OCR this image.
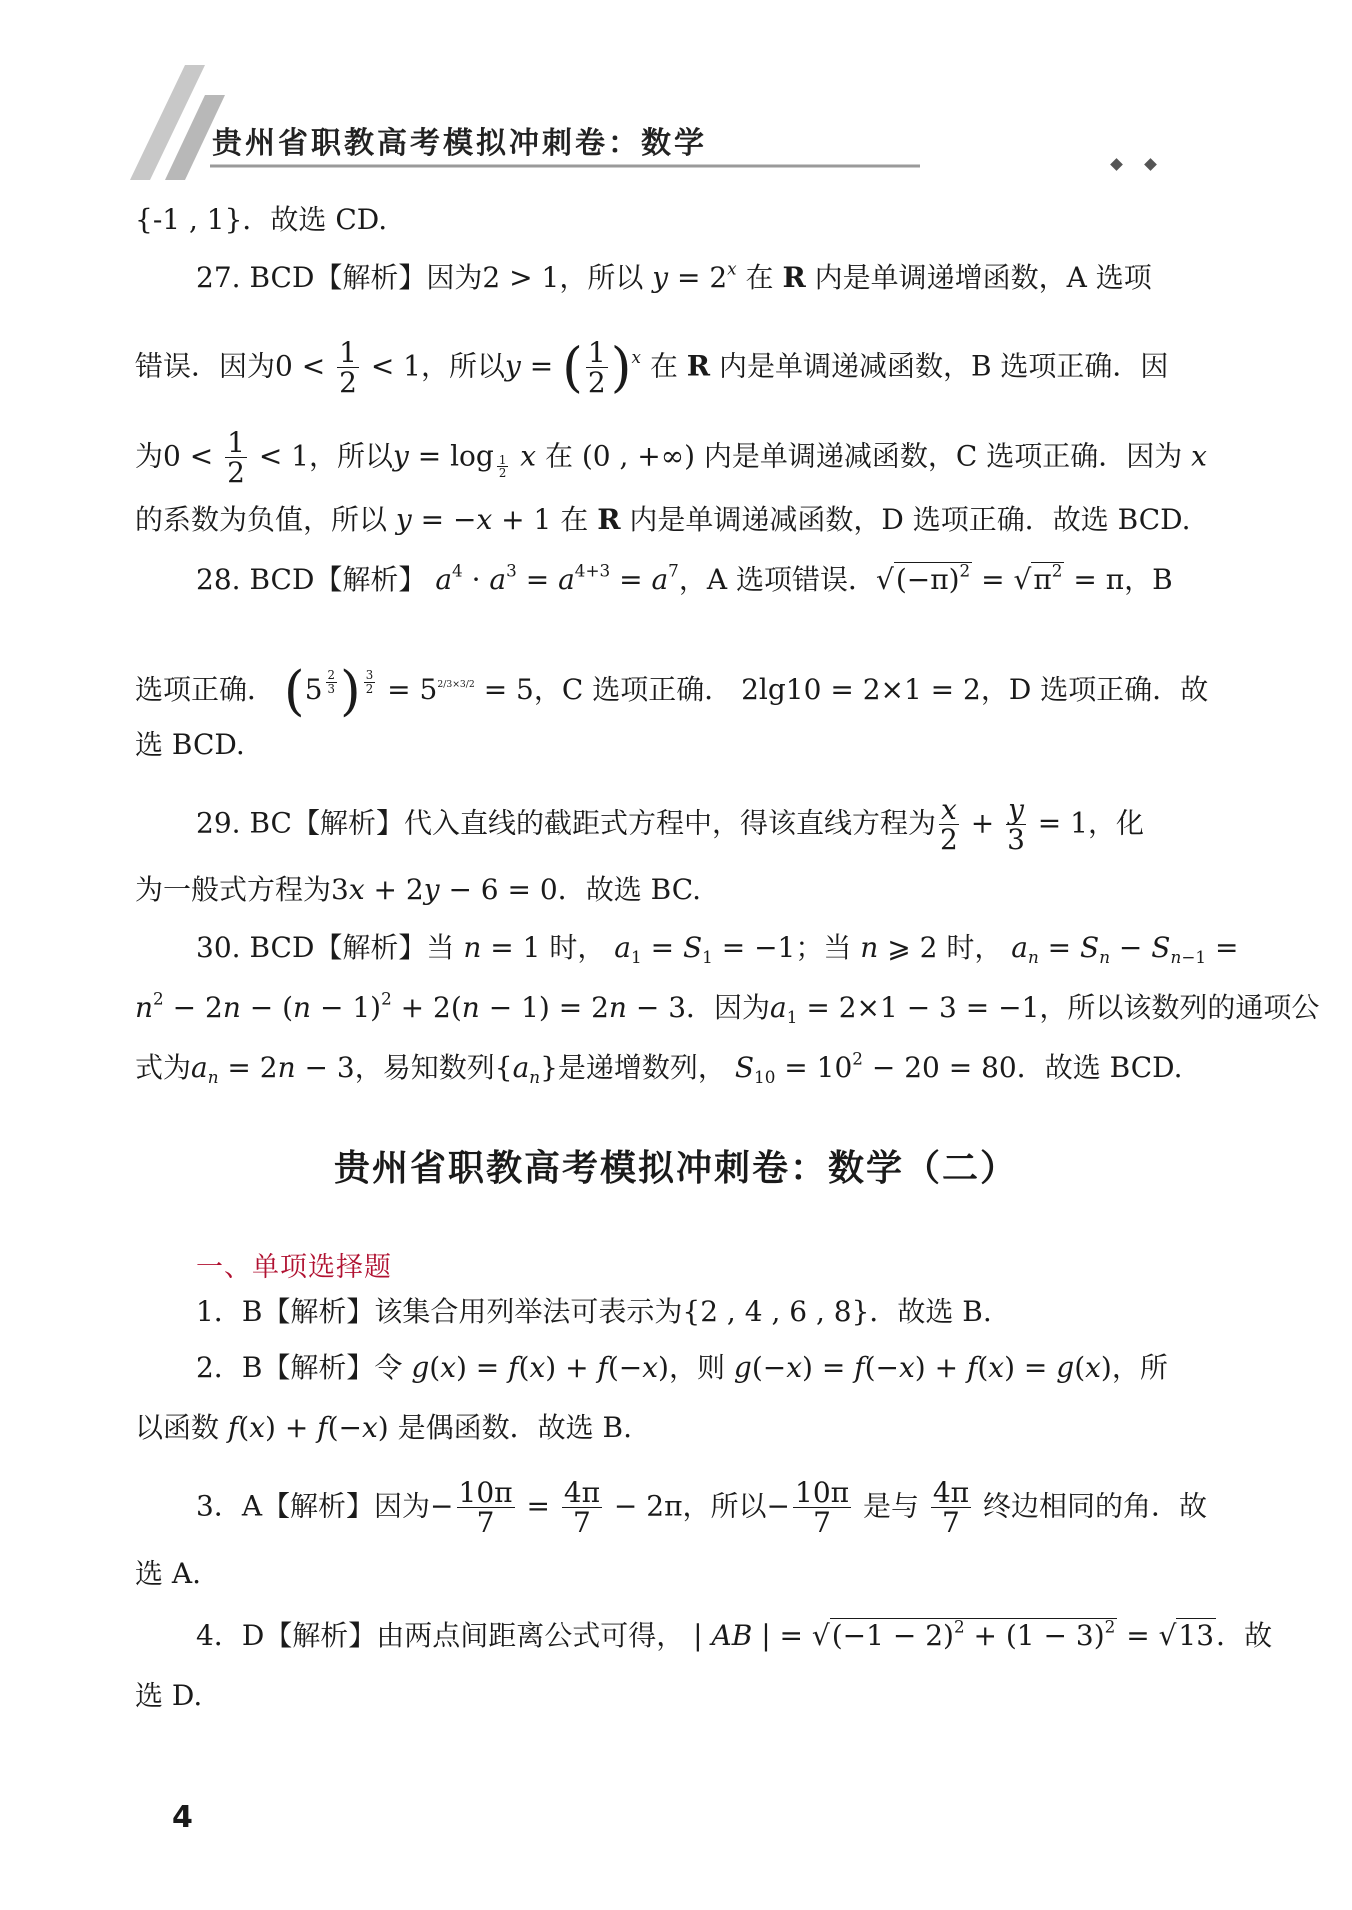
贵州省职教高考模拟冲刺卷：数学
{-1 , 1}．故选 CD.
27. BCD【解析】因为2 > 1，所以 $y = 2^x$ 在 R 内是单调递增函数，A 选项
错误．因为$0 < \frac{1}{2} < 1$，所以y = ( $\frac{1}{2} )^x$ 在 R 内是单调递减函数，B 选项正确．因
为$0 < \frac{1}{2} < 1$，所以y = log $_{\frac{1}{2}}$ x 在 (0 , +∞) 内是单调递减函数，C 选项正确．因为 x
的系数为负值，所以 y = −x + 1 在 R 内是单调递减函数，D 选项正确．故选 BCD.
28. BCD【解析】 $a^4 \cdot a^3 = a^{4+3} = a^7$，A 选项错误．$√(-\pi)^2 = √\pi^2 = \pi$，B
选项正确． (5 $^{\frac{2}{3}}$ ) $^{\frac{3}{2}} = 5^{2/3\times 3/2} = 5$，C 选项正确． 2lg10 = 2×1 = 2，D 选项正确．故
选 BCD.
29. BC【解析】代入直线的截距式方程中，得该直线方程为 $\frac{x}{2} + \frac{y}{3} = 1$，化
为一般式方程为3x + 2y − 6 = 0．故选 BC.
30. BCD【解析】当 n = 1 时， $a_1 = S_1 = -1$；当 n ⩾ 2 时， $a_n = S_n - S_{n-1}$ =
$n^2 - 2n - (n - 1)^2 + 2(n - 1) = 2n - 3$．因为$a_1 = 2\times 1 - 3 = -1$，所以该数列的通项公
式为$a_n = 2n - 3$，易知数列$\{a_n\}$是递增数列， $S_{10} = 10^2 - 20 = 80$．故选 BCD.
贵州省职教高考模拟冲刺卷：数学（二）
一、单项选择题
1．B【解析】该集合用列举法可表示为{2 , 4 , 6 , 8}．故选 B.
2．B【解析】令 g(x) = f(x) + f(−x)，则 g(−x) = f(−x) + f(x) = g(x)，所
以函数 f(x) + f(−x) 是偶函数．故选 B.
3．A【解析】因为− $\frac{10\pi}{7} = \frac{4\pi}{7} - 2\pi$，所以− $\frac{10\pi}{7}$ 是与 $\frac{4\pi}{7}$ 终边相同的角．故
选 A.
4．D【解析】由两点间距离公式可得， | AB | = $√(-1 - 2)^2 + (1 - 3)^2 = √13$．故
选 D.
4
